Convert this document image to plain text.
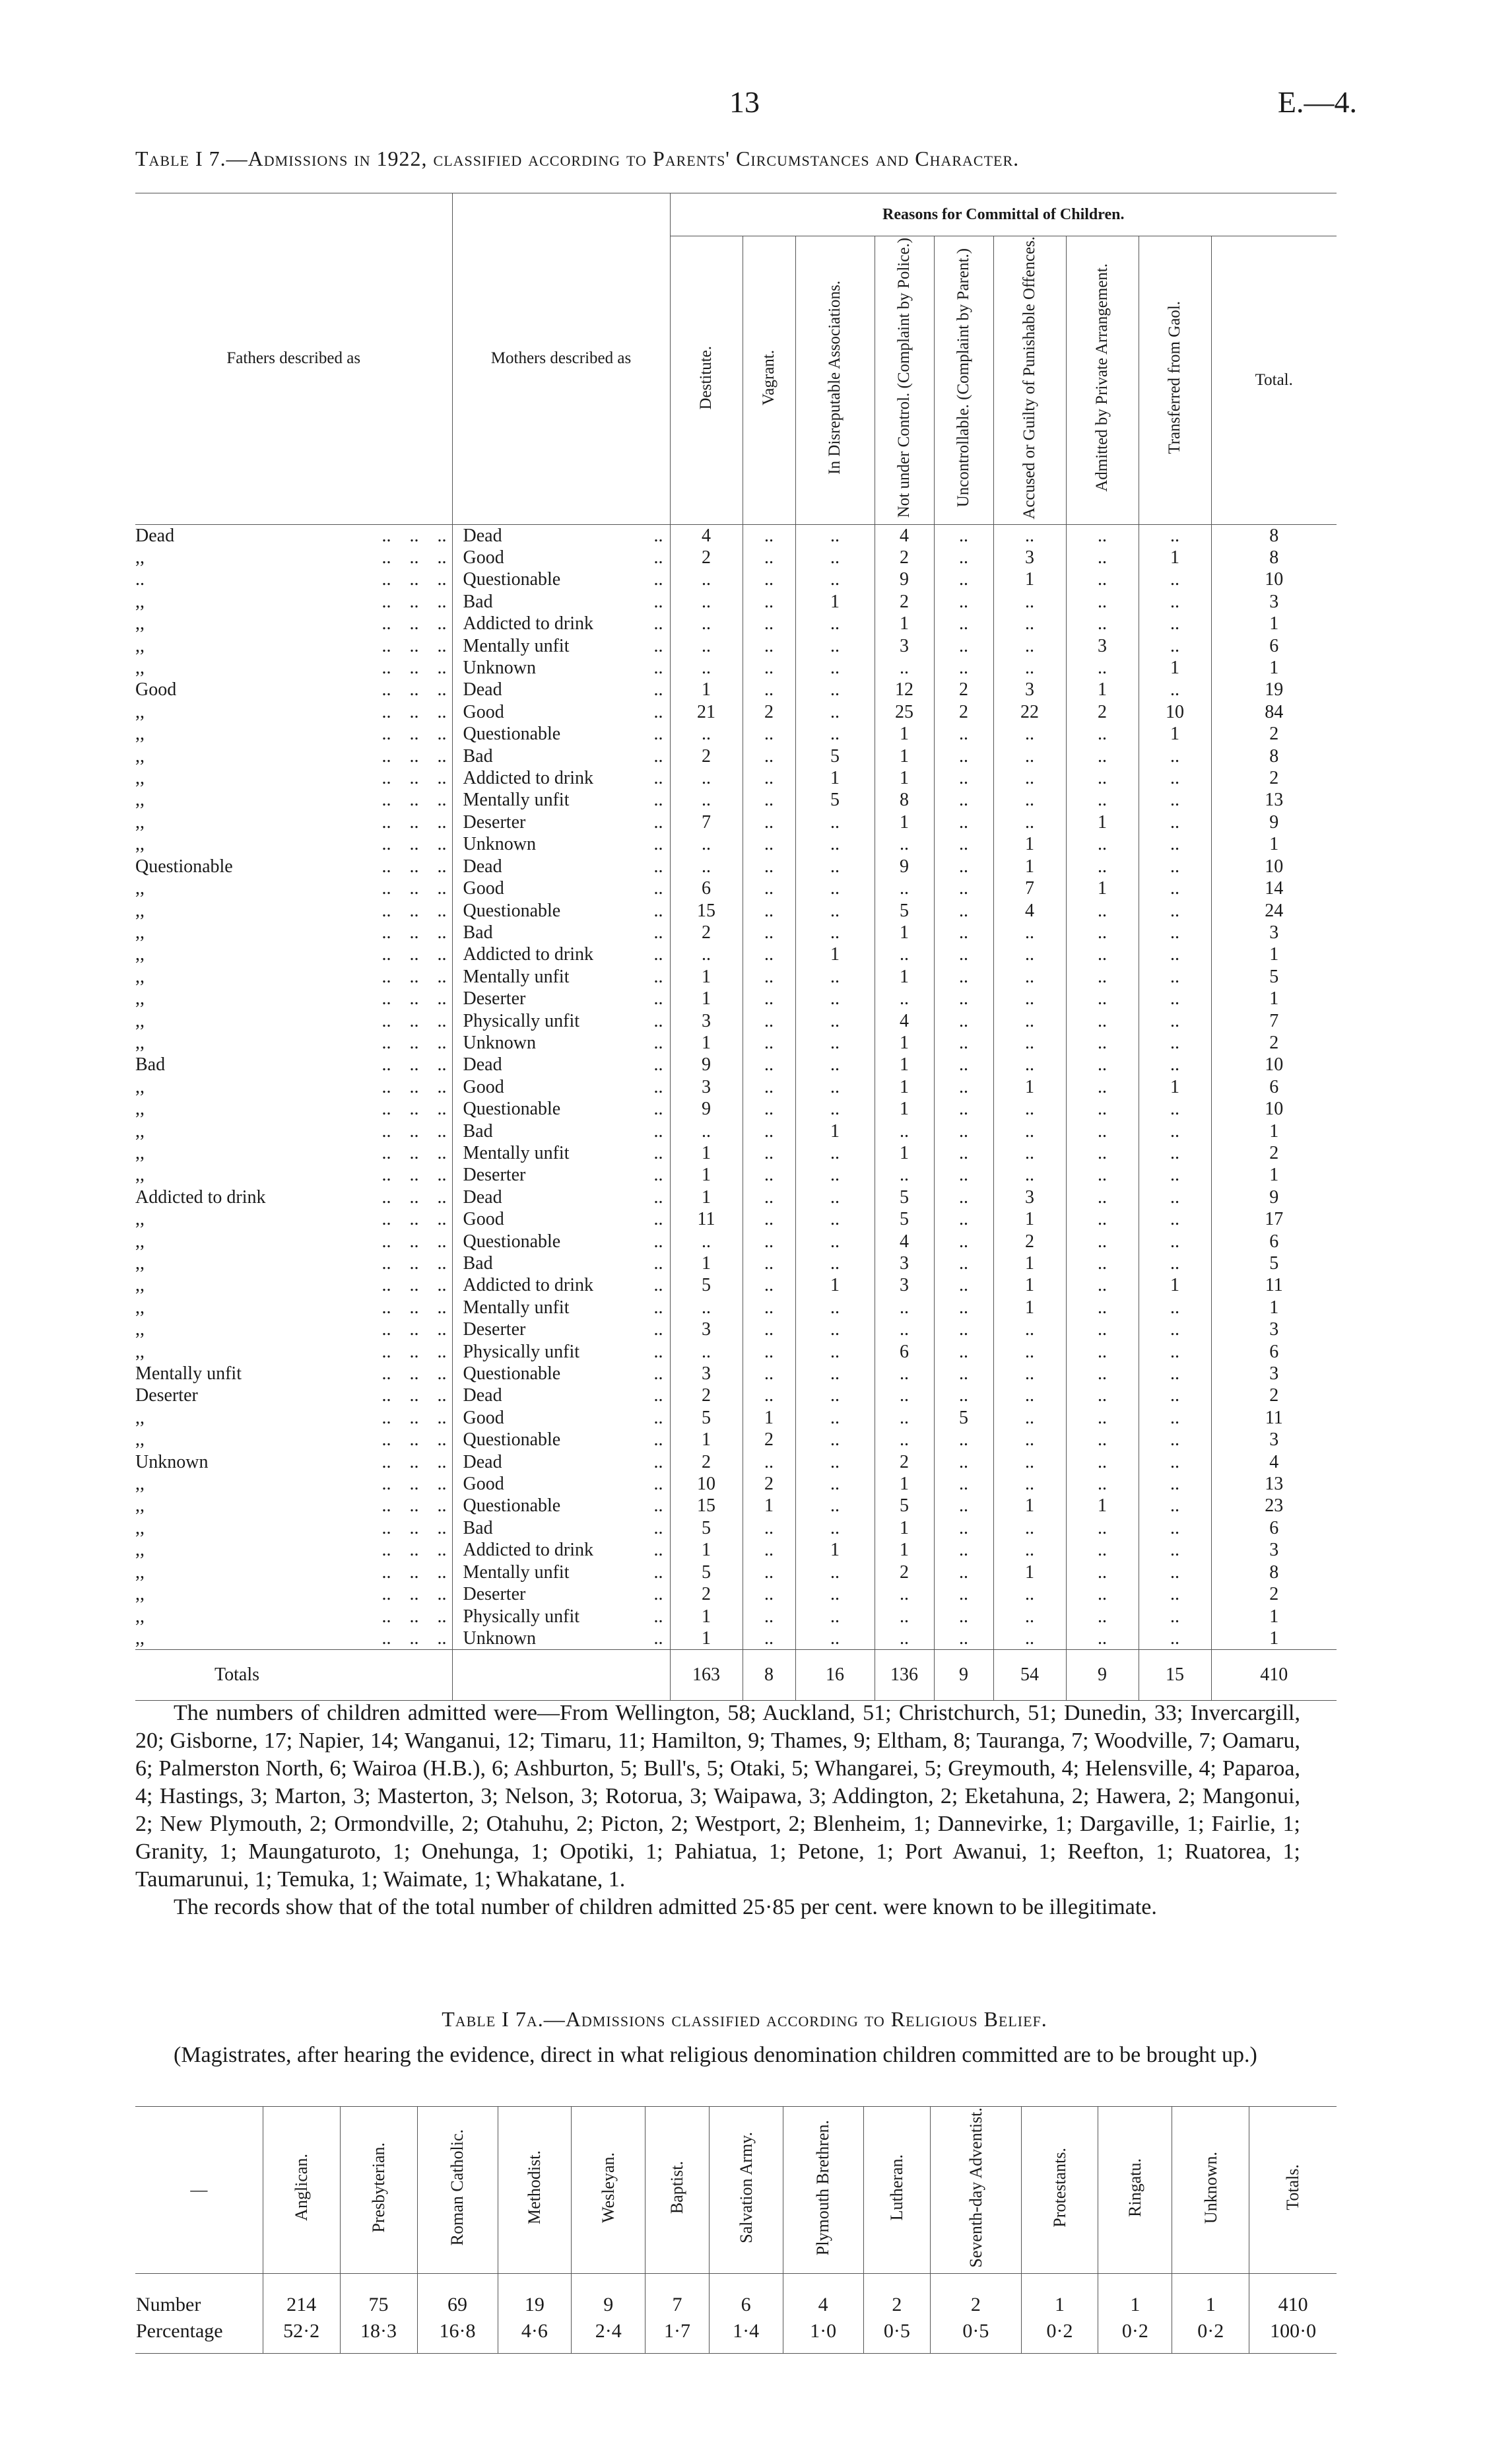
13	E.—4.
Table I 7.—Admissions in 1922, classified according to Parents' Circumstances and Character.
Fathers described as	Mothers described as	Reasons for Committal of Children.								
		Destitute.	Vagrant.	In Disreputable Associations.	Not under Control. (Complaint by Police.)	Uncontrollable. (Complaint by Parent.)	Accused or Guilty of Punishable Offences.	Admitted by Private Arrangement.	Transferred from Gaol.	Total.
Dead ..    ..    ..	Dead ..	4	..	..	4	..	..	..	..	8
,, ..    ..    ..	Good ..	2	..	..	2	..	3	..	1	8
.. ..    ..    ..	Questionable ..	..	..	..	9	..	1	..	..	10
,, ..    ..    ..	Bad ..	..	..	1	2	..	..	..	..	3
,, ..    ..    ..	Addicted to drink ..	..	..	..	1	..	..	..	..	1
,, ..    ..    ..	Mentally unfit ..	..	..	..	3	..	..	3	..	6
,, ..    ..    ..	Unknown ..	..	..	..	..	..	..	..	1	1
Good ..    ..    ..	Dead ..	1	..	..	12	2	3	1	..	19
,, ..    ..    ..	Good ..	21	2	..	25	2	22	2	10	84
,, ..    ..    ..	Questionable ..	..	..	..	1	..	..	..	1	2
,, ..    ..    ..	Bad ..	2	..	5	1	..	..	..	..	8
,, ..    ..    ..	Addicted to drink ..	..	..	1	1	..	..	..	..	2
,, ..    ..    ..	Mentally unfit ..	..	..	5	8	..	..	..	..	13
,, ..    ..    ..	Deserter ..	7	..	..	1	..	..	1	..	9
,, ..    ..    ..	Unknown ..	..	..	..	..	..	1	..	..	1
Questionable ..    ..    ..	Dead ..	..	..	..	9	..	1	..	..	10
,, ..    ..    ..	Good ..	6	..	..	..	..	7	1	..	14
,, ..    ..    ..	Questionable ..	15	..	..	5	..	4	..	..	24
,, ..    ..    ..	Bad ..	2	..	..	1	..	..	..	..	3
,, ..    ..    ..	Addicted to drink ..	..	..	1	..	..	..	..	..	1
,, ..    ..    ..	Mentally unfit ..	1	..	..	1	..	..	..	..	5
,, ..    ..    ..	Deserter ..	1	..	..	..	..	..	..	..	1
,, ..    ..    ..	Physically unfit ..	3	..	..	4	..	..	..	..	7
,, ..    ..    ..	Unknown ..	1	..	..	1	..	..	..	..	2
Bad ..    ..    ..	Dead ..	9	..	..	1	..	..	..	..	10
,, ..    ..    ..	Good ..	3	..	..	1	..	1	..	1	6
,, ..    ..    ..	Questionable ..	9	..	..	1	..	..	..	..	10
,, ..    ..    ..	Bad ..	..	..	1	..	..	..	..	..	1
,, ..    ..    ..	Mentally unfit ..	1	..	..	1	..	..	..	..	2
,, ..    ..    ..	Deserter ..	1	..	..	..	..	..	..	..	1
Addicted to drink ..    ..    ..	Dead ..	1	..	..	5	..	3	..	..	9
,, ..    ..    ..	Good ..	11	..	..	5	..	1	..	..	17
,, ..    ..    ..	Questionable ..	..	..	..	4	..	2	..	..	6
,, ..    ..    ..	Bad ..	1	..	..	3	..	1	..	..	5
,, ..    ..    ..	Addicted to drink ..	5	..	1	3	..	1	..	1	11
,, ..    ..    ..	Mentally unfit ..	..	..	..	..	..	1	..	..	1
,, ..    ..    ..	Deserter ..	3	..	..	..	..	..	..	..	3
,, ..    ..    ..	Physically unfit ..	..	..	..	6	..	..	..	..	6
Mentally unfit ..    ..    ..	Questionable ..	3	..	..	..	..	..	..	..	3
Deserter ..    ..    ..	Dead ..	2	..	..	..	..	..	..	..	2
,, ..    ..    ..	Good ..	5	1	..	..	5	..	..	..	11
,, ..    ..    ..	Questionable ..	1	2	..	..	..	..	..	..	3
Unknown ..    ..    ..	Dead ..	2	..	..	2	..	..	..	..	4
,, ..    ..    ..	Good ..	10	2	..	1	..	..	..	..	13
,, ..    ..    ..	Questionable ..	15	1	..	5	..	1	1	..	23
,, ..    ..    ..	Bad ..	5	..	..	1	..	..	..	..	6
,, ..    ..    ..	Addicted to drink ..	1	..	1	1	..	..	..	..	3
,, ..    ..    ..	Mentally unfit ..	5	..	..	2	..	1	..	..	8
,, ..    ..    ..	Deserter ..	2	..	..	..	..	..	..	..	2
,, ..    ..    ..	Physically unfit ..	1	..	..	..	..	..	..	..	1
,, ..    ..    ..	Unknown ..	1	..	..	..	..	..	..	..	1
Totals		163	8	16	136	9	54	9	15	410

The numbers of children admitted were—From Wellington, 58; Auckland, 51; Christchurch, 51; Dunedin, 33; Invercargill, 20; Gisborne, 17; Napier, 14; Wanganui, 12; Timaru, 11; Hamilton, 9; Thames, 9; Eltham, 8; Tauranga, 7; Woodville, 7; Oamaru, 6; Palmerston North, 6; Wairoa (H.B.), 6; Ashburton, 5; Bull's, 5; Otaki, 5; Whangarei, 5; Greymouth, 4; Helensville, 4; Paparoa, 4; Hastings, 3; Marton, 3; Masterton, 3; Nelson, 3; Rotorua, 3; Waipawa, 3; Addington, 2; Eketahuna, 2; Hawera, 2; Mangonui, 2; New Plymouth, 2; Ormondville, 2; Otahuhu, 2; Picton, 2; Westport, 2; Blenheim, 1; Dannevirke, 1; Dargaville, 1; Fairlie, 1; Granity, 1; Maungaturoto, 1; Onehunga, 1; Opotiki, 1; Pahiatua, 1; Petone, 1; Port Awanui, 1; Reefton, 1; Ruatorea, 1; Taumarunui, 1; Temuka, 1; Waimate, 1; Whakatane, 1.

The records show that of the total number of children admitted 25·85 per cent. were known to be illegitimate.

Table I 7a.—Admissions classified according to Religious Belief.

(Magistrates, after hearing the evidence, direct in what religious denomination children committed are to be brought up.)

—	Anglican.	Presbyterian.	Roman Catholic.	Methodist.	Wesleyan.	Baptist.	Salvation Army.	Plymouth Brethren.	Lutheran.	Seventh-day Adventist.	Protestants.	Ringatu.	Unknown.	Totals.
Number	214	75	69	19	9	7	6	4	2	2	1	1	1	410
Percentage	52·2	18·3	16·8	4·6	2·4	1·7	1·4	1·0	0·5	0·5	0·2	0·2	0·2	100·0
